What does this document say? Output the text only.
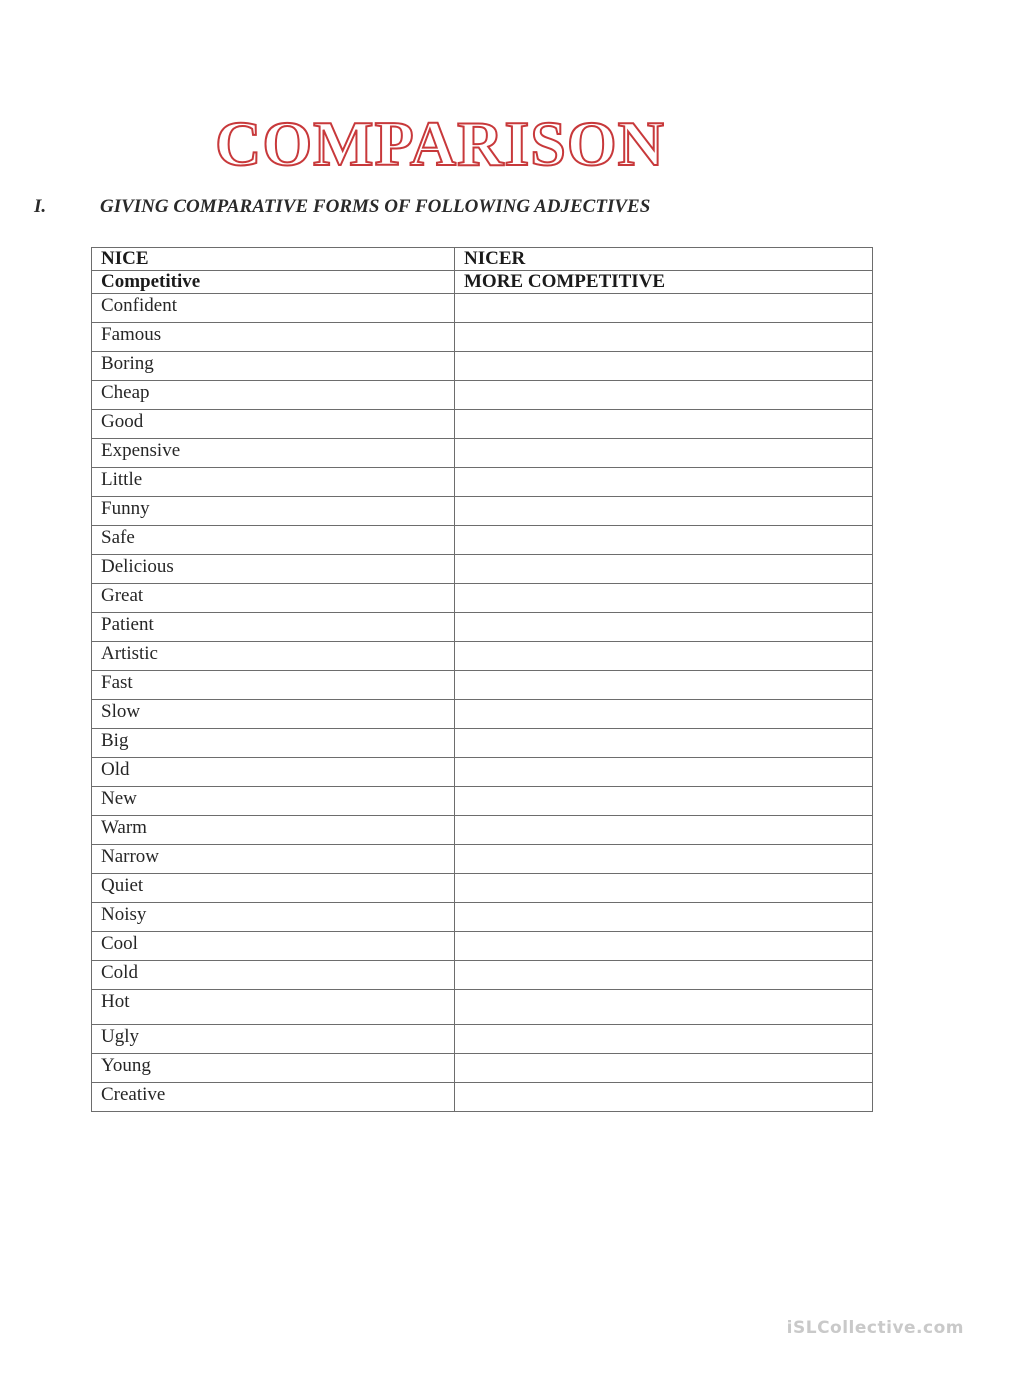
COMPARISON
I.	GIVING COMPARATIVE FORMS OF FOLLOWING ADJECTIVES
NICE	NICER
Competitive	MORE COMPETITIVE
Confident	
Famous	
Boring	
Cheap	
Good	
Expensive	
Little	
Funny	
Safe	
Delicious	
Great	
Patient	
Artistic	
Fast	
Slow	
Big	
Old	
New	
Warm	
Narrow	
Quiet	
Noisy	
Cool	
Cold	
Hot	
Ugly	
Young	
Creative	
iSLCollective.com
